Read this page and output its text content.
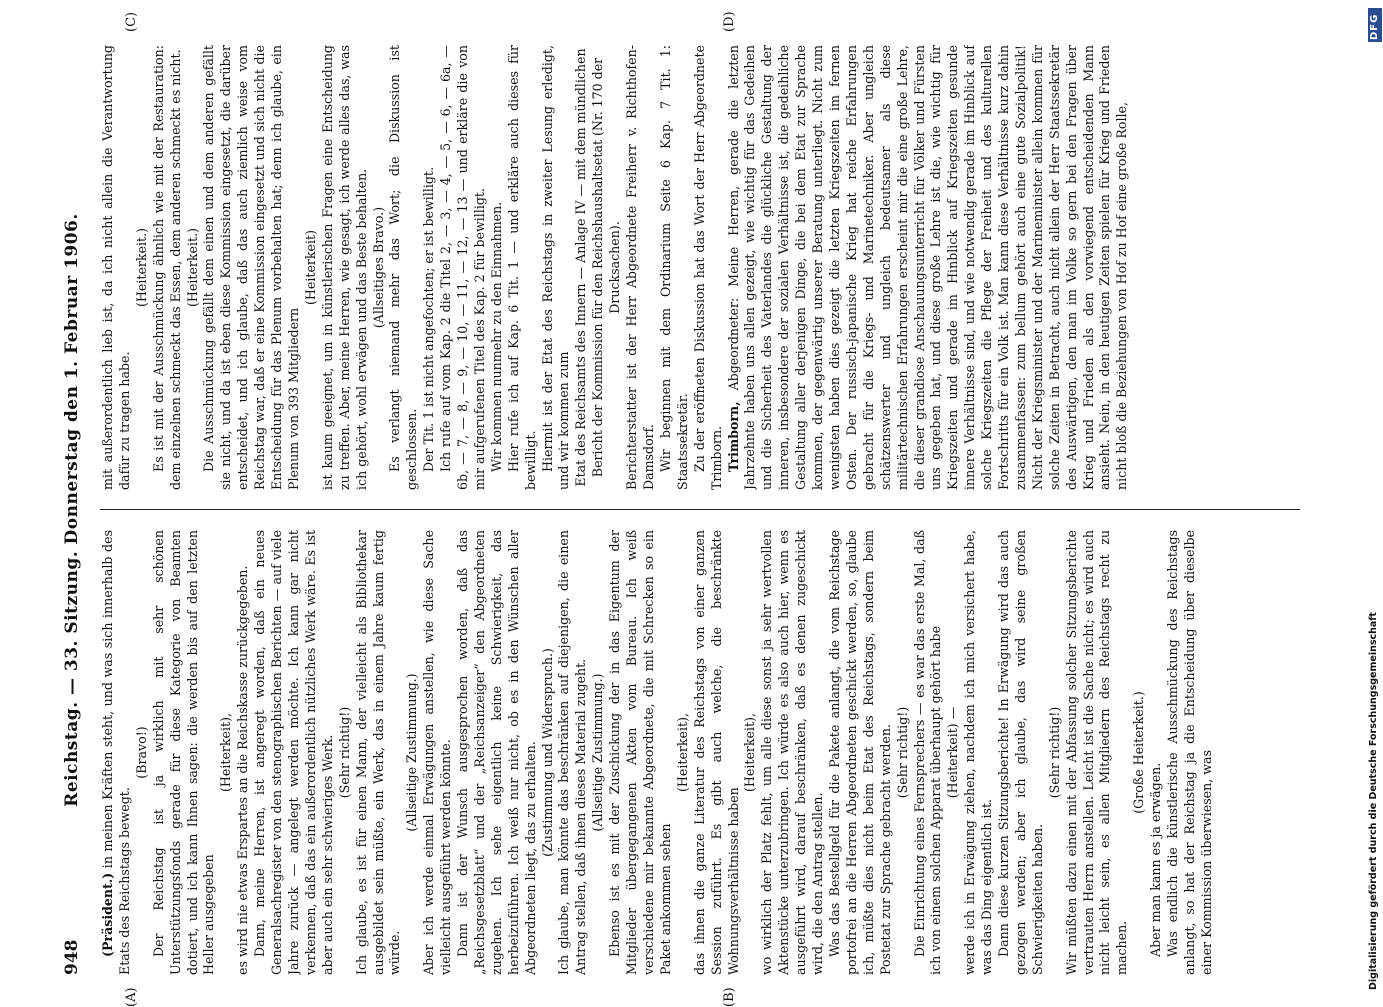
948
Reichstag. — 33. Sitzung. Donnerstag den 1. Februar 1906.
(A)	(B)
(C)	(D)

(Präsident.) in meinen Kräften steht, und was sich innerhalb des Etats des Reichstags bewegt.

(Bravo!) Der Reichstag ist ja wirklich mit sehr schönen Unterstützungsfonds gerade für diese Kategorie von Beamten dotiert, und ich kann Ihnen sagen: die werden bis auf den letzten Heller ausgegeben

(Heiterkeit), es wird nie etwas Erspartes an die Reichskasse zurückgegeben. Dann, meine Herren, ist angeregt worden, daß ein neues Generalsachregister von den stenographischen Berichten — auf viele Jahre zurück — angelegt werden möchte. Ich kann gar nicht verkennen, daß das ein außerordentlich nützliches Werk wäre. Es ist aber auch ein sehr schwieriges Werk. (Sehr richtig!) Ich glaube, es ist für einen Mann, der vielleicht als Bibliothekar ausgebildet sein müßte, ein Werk, das in einem Jahre kaum fertig würde.

(Allseitige Zustimmung.) Aber ich werde einmal Erwägungen anstellen, wie diese Sache vielleicht ausgeführt werden könnte. Dann ist der Wunsch ausgesprochen worden, daß das „Reichsgesetzblatt“ und der „Reichsanzeiger“ den Abgeordneten zugehen. Ich sehe eigentlich keine Schwierigkeit, das herbeizuführen. Ich weiß nur nicht, ob es in den Wünschen aller Abgeordneten liegt, das zu erhalten. (Zustimmung und Widerspruch.) Ich glaube, man könnte das beschränken auf diejenigen, die einen Antrag stellen, daß ihnen dieses Material zugeht. (Allseitige Zustimmung.) Ebenso ist es mit der Zuschickung der in das Eigentum der Mitglieder übergegangenen Akten vom Bureau. Ich weiß verschiedene mir bekannte Abgeordnete, die mit Schrecken so ein Paket ankommen sehen

(Heiterkeit), das ihnen die ganze Literatur des Reichstags von einer ganzen Session zuführt. Es gibt auch welche, die beschränkte Wohnungsverhältnisse haben

(Heiterkeit), wo wirklich der Platz fehlt, um alle diese sonst ja sehr wertvollen Aktenstücke unterzubringen. Ich würde es also auch hier, wenn es ausgeführt wird, darauf beschränken, daß es denen zugeschickt wird, die den Antrag stellen. Was das Bestellgeld für die Pakete anlangt, die vom Reichstage portofrei an die Herren Abgeordneten geschickt werden, so, glaube ich, müßte dies nicht beim Etat des Reichstags, sondern beim Postetat zur Sprache gebracht werden. (Sehr richtig!) Die Einrichtung eines Fernsprechers — es war das erste Mal, daß ich von einem solchen Apparat überhaupt gehört habe (Heiterkeit) — werde ich in Erwägung ziehen, nachdem ich mich versichert habe, was das Ding eigentlich ist. Dann diese kurzen Sitzungsberichte! In Erwägung wird das auch gezogen werden; aber ich glaube, das wird seine großen Schwierigkeiten haben.

(Sehr richtig!) Wir müßten dazu einen mit der Abfassung solcher Sitzungsberichte vertrauten Herrn anstellen. Leicht ist die Sache nicht; es wird auch nicht leicht sein, es allen Mitgliedern des Reichstags recht zu machen.

(Große Heiterkeit.)

Aber man kann es ja erwägen. Was endlich die künstlerische Ausschmückung des Reichstags anlangt, so hat der Reichstag ja die Entscheidung über dieselbe einer Kommission überwiesen, was

mit außerordentlich lieb ist, da ich nicht allein die Verantwortung dafür zu tragen habe.

(Heiterkeit.) Es ist mit der Ausschmückung ähnlich wie mit der Restauration: dem einzelnen schmeckt das Essen, dem anderen schmeckt es nicht. (Heiterkeit.) Die Ausschmückung gefällt dem einen und dem anderen gefällt sie nicht, und da ist eben diese Kommission eingesetzt, die darüber entscheidet, und ich glaube, daß das auch ziemlich weise vom Reichstag war, daß er eine Kommission eingesetzt und sich nicht die Entscheidung für das Plenum vorbehalten hat; denn ich glaube, ein Plenum von 393 Mitgliedern

(Heiterkeit) ist kaum geeignet, um in künstlerischen Fragen eine Entscheidung zu treffen. Aber, meine Herren, wie gesagt, ich werde alles das, was ich gehört, wohl erwägen und das Beste behalten. (Allseitiges Bravo.) Es verlangt niemand mehr das Wort; die Diskussion ist geschlossen. Der Tit. 1 ist nicht angefochten; er ist bewilligt. Ich rufe auf vom Kap. 2 die Titel 2, — 3, — 4, — 5, — 6, — 6a, — 6b, — 7, — 8, — 9, — 10, — 11, — 12, — 13 — und erkläre die von mir aufgerufenen Titel des Kap. 2 für bewilligt. Wir kommen nunmehr zu den Einnahmen. Hier rufe ich auf Kap. 6 Tit. 1 — und erkläre auch dieses für bewilligt. Hiermit ist der Etat des Reichstags in zweiter Lesung erledigt, und wir kommen zum Etat des Reichsamts des Innern — Anlage IV — mit dem mündlichen Bericht der Kommission für den Reichshaushaltsetat (Nr. 170 der Drucksachen). Berichterstatter ist der Herr Abgeordnete Freiherr v. Richthofen-Damsdorf. Wir beginnen mit dem Ordinarium Seite 6 Kap. 7 Tit. 1: Staatssekretär. Zu der eröffneten Diskussion hat das Wort der Herr Abgeordnete Trimborn. Trimborn, Abgeordneter: Meine Herren, gerade die letzten Jahrzehnte haben uns allen gezeigt, wie wichtig für das Gedeihen und die Sicherheit des Vaterlandes die glückliche Gestaltung der inneren, insbesondere der sozialen Verhältnisse ist, die gedeihliche Gestaltung aller derjenigen Dinge, die bei dem Etat zur Sprache kommen, der gegenwärtig unserer Beratung unterliegt. Nicht zum wenigsten haben dies gezeigt die letzten Kriegszeiten im fernen Osten. Der russisch-japanische Krieg hat reiche Erfahrungen gebracht für die Kriegs- und Marinetechniker. Aber ungleich schätzenswerter und ungleich bedeutsamer als diese militärtechnischen Erfahrungen erscheint mir die eine große Lehre, die dieser grandiose Anschauungsunterricht für Völker und Fürsten uns gegeben hat, und diese große Lehre ist die, wie wichtig für Kriegszeiten und gerade im Hinblick auf Kriegszeiten gesunde innere Verhältnisse sind, und wie notwendig gerade im Hinblick auf solche Kriegszeiten die Pflege der Freiheit und des kulturellen Fortschritts für ein Volk ist. Man kann diese Verhältnisse kurz dahin zusammenfassen: zum bellum gehört auch eine gute Sozialpolitik! Nicht der Kriegsminister und der Marineminister allein kommen für solche Zeiten in Betracht, auch nicht allein der Herr Staatssekretär des Auswärtigen, den man im Volke so gern bei den Fragen über Krieg und Frieden als den vorwiegend entscheidenden Mann ansieht. Nein, in den heutigen Zeiten spielen für Krieg und Frieden nicht bloß die Beziehungen von Hof zu Hof eine große Rolle,

Digitalisierung gefördert durch die Deutsche Forschungsgemeinschaft
DFG
